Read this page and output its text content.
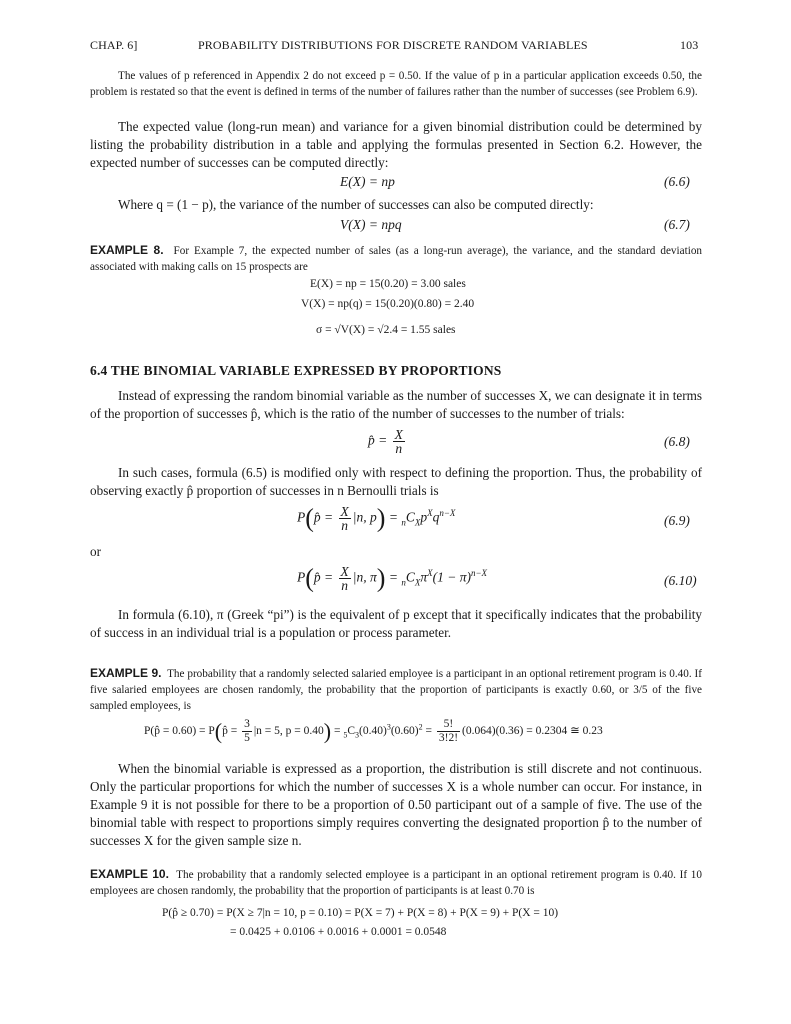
CHAP. 6]	PROBABILITY DISTRIBUTIONS FOR DISCRETE RANDOM VARIABLES	103
The values of p referenced in Appendix 2 do not exceed p = 0.50. If the value of p in a particular application exceeds 0.50, the problem is restated so that the event is defined in terms of the number of failures rather than the number of successes (see Problem 6.9).
The expected value (long-run mean) and variance for a given binomial distribution could be determined by listing the probability distribution in a table and applying the formulas presented in Section 6.2. However, the expected number of successes can be computed directly:
E(X) = np	(6.6)
Where q = (1 − p), the variance of the number of successes can also be computed directly:
V(X) = npq	(6.7)
EXAMPLE 8. For Example 7, the expected number of sales (as a long-run average), the variance, and the standard deviation associated with making calls on 15 prospects are
E(X) = np = 15(0.20) = 3.00 sales
V(X) = np(q) = 15(0.20)(0.80) = 2.40
σ = √V(X) = √2.4 = 1.55 sales
6.4 THE BINOMIAL VARIABLE EXPRESSED BY PROPORTIONS
Instead of expressing the random binomial variable as the number of successes X, we can designate it in terms of the proportion of successes p̂, which is the ratio of the number of successes to the number of trials:
p̂ = $\frac{X}{n}$	(6.8)
In such cases, formula (6.5) is modified only with respect to defining the proportion. Thus, the probability of observing exactly p̂ proportion of successes in n Bernoulli trials is
P(p̂ = $\frac{X}{n} |n$, $p) = _nC_Xp^Xq^{n-X}$	(6.9)
or
P(p̂ = $\frac{X}{n} |n$, $\pi) = _nC_X\pi^X(1 - \pi)^{n-X}$	(6.10)
In formula (6.10), π (Greek “pi”) is the equivalent of p except that it specifically indicates that the probability of success in an individual trial is a population or process parameter.
EXAMPLE 9. The probability that a randomly selected salaried employee is a participant in an optional retirement program is 0.40. If five salaried employees are chosen randomly, the probability that the proportion of participants is exactly 0.60, or 3/5 of the five sampled employees, is
P(p̂ = 0.60) = P(p̂ = $\frac{3}{5} |n = 5$, $p = 0.40) = _5C_3(0.40)^3(0.60)^2 = \frac{5!}{3!2!} (0.064)(0.36) = 0.2304$ ≅ 0.23
When the binomial variable is expressed as a proportion, the distribution is still discrete and not continuous. Only the particular proportions for which the number of successes X is a whole number can occur. For instance, in Example 9 it is not possible for there to be a proportion of 0.50 participant out of a sample of five. The use of the binomial table with respect to proportions simply requires converting the designated proportion p̂ to the number of successes X for the given sample size n.
EXAMPLE 10. The probability that a randomly selected employee is a participant in an optional retirement program is 0.40. If 10 employees are chosen randomly, the probability that the proportion of participants is at least 0.70 is
P(p̂ ≥ 0.70) = P(X ≥ 7|n = 10, p = 0.10) = P(X = 7) + P(X = 8) + P(X = 9) + P(X = 10)
= 0.0425 + 0.0106 + 0.0016 + 0.0001 = 0.0548
